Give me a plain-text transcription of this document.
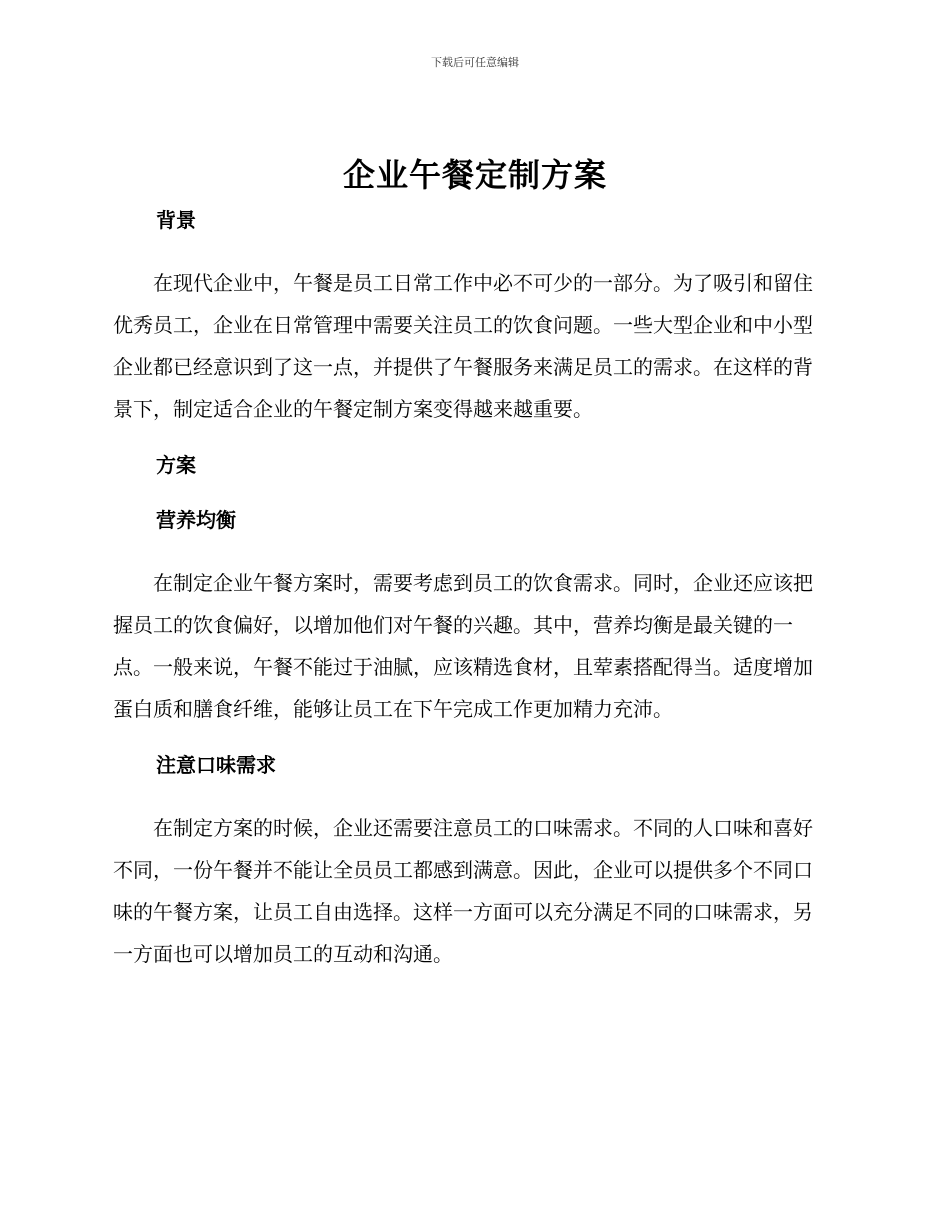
下载后可任意编辑
企业午餐定制方案
背景

在现代企业中，午餐是员工日常工作中必不可少的一部分。为了吸引和留住优秀员工，企业在日常管理中需要关注员工的饮食问题。一些大型企业和中小型企业都已经意识到了这一点，并提供了午餐服务来满足员工的需求。在这样的背景下，制定适合企业的午餐定制方案变得越来越重要。

方案
营养均衡

在制定企业午餐方案时，需要考虑到员工的饮食需求。同时，企业还应该把握员工的饮食偏好，以增加他们对午餐的兴趣。其中，营养均衡是最关键的一点。一般来说，午餐不能过于油腻，应该精选食材，且荤素搭配得当。适度增加蛋白质和膳食纤维，能够让员工在下午完成工作更加精力充沛。

注意口味需求

在制定方案的时候，企业还需要注意员工的口味需求。不同的人口味和喜好不同，一份午餐并不能让全员员工都感到满意。因此，企业可以提供多个不同口味的午餐方案，让员工自由选择。这样一方面可以充分满足不同的口味需求，另一方面也可以增加员工的互动和沟通。
